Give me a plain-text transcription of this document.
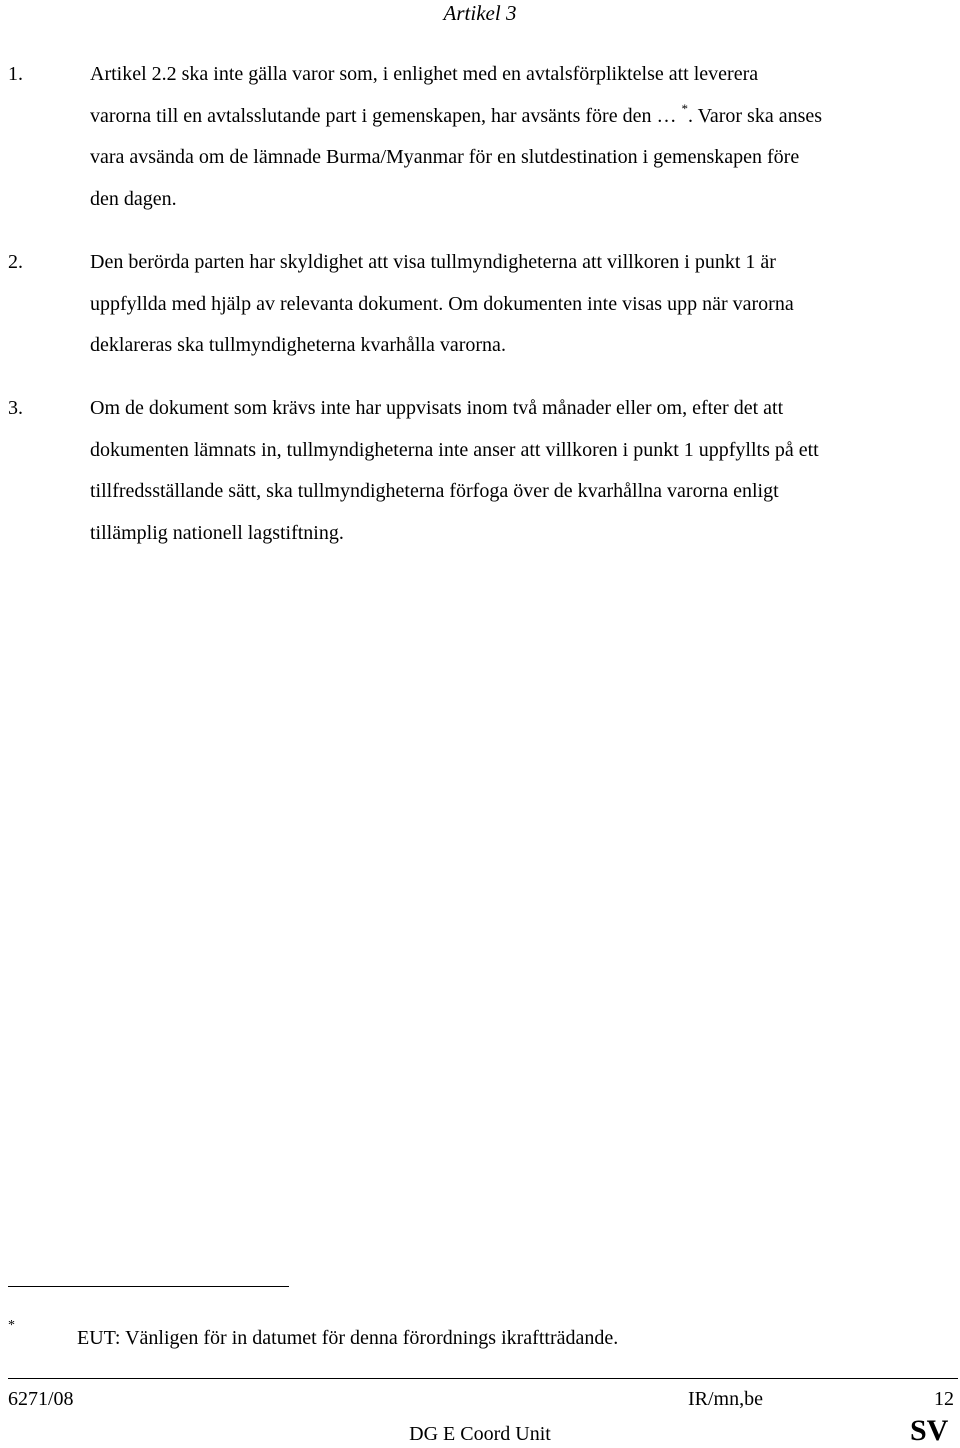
Artikel 3
1.	Artikel 2.2 ska inte gälla varor som, i enlighet med en avtalsförpliktelse att leverera
varorna till en avtalsslutande part i gemenskapen, har avsänts före den … *. Varor ska anses
vara avsända om de lämnade Burma/Myanmar för en slutdestination i gemenskapen före
den dagen.
2.	Den berörda parten har skyldighet att visa tullmyndigheterna att villkoren i punkt 1 är
uppfyllda med hjälp av relevanta dokument. Om dokumenten inte visas upp när varorna
deklareras ska tullmyndigheterna kvarhålla varorna.
3.	Om de dokument som krävs inte har uppvisats inom två månader eller om, efter det att
dokumenten lämnats in, tullmyndigheterna inte anser att villkoren i punkt 1 uppfyllts på ett
tillfredsställande sätt, ska tullmyndigheterna förfoga över de kvarhållna varorna enligt
tillämplig nationell lagstiftning.
*
EUT: Vänligen för in datumet för denna förordnings ikraftträdande.
6271/08	IR/mn,be	12
DG E Coord Unit	SV
